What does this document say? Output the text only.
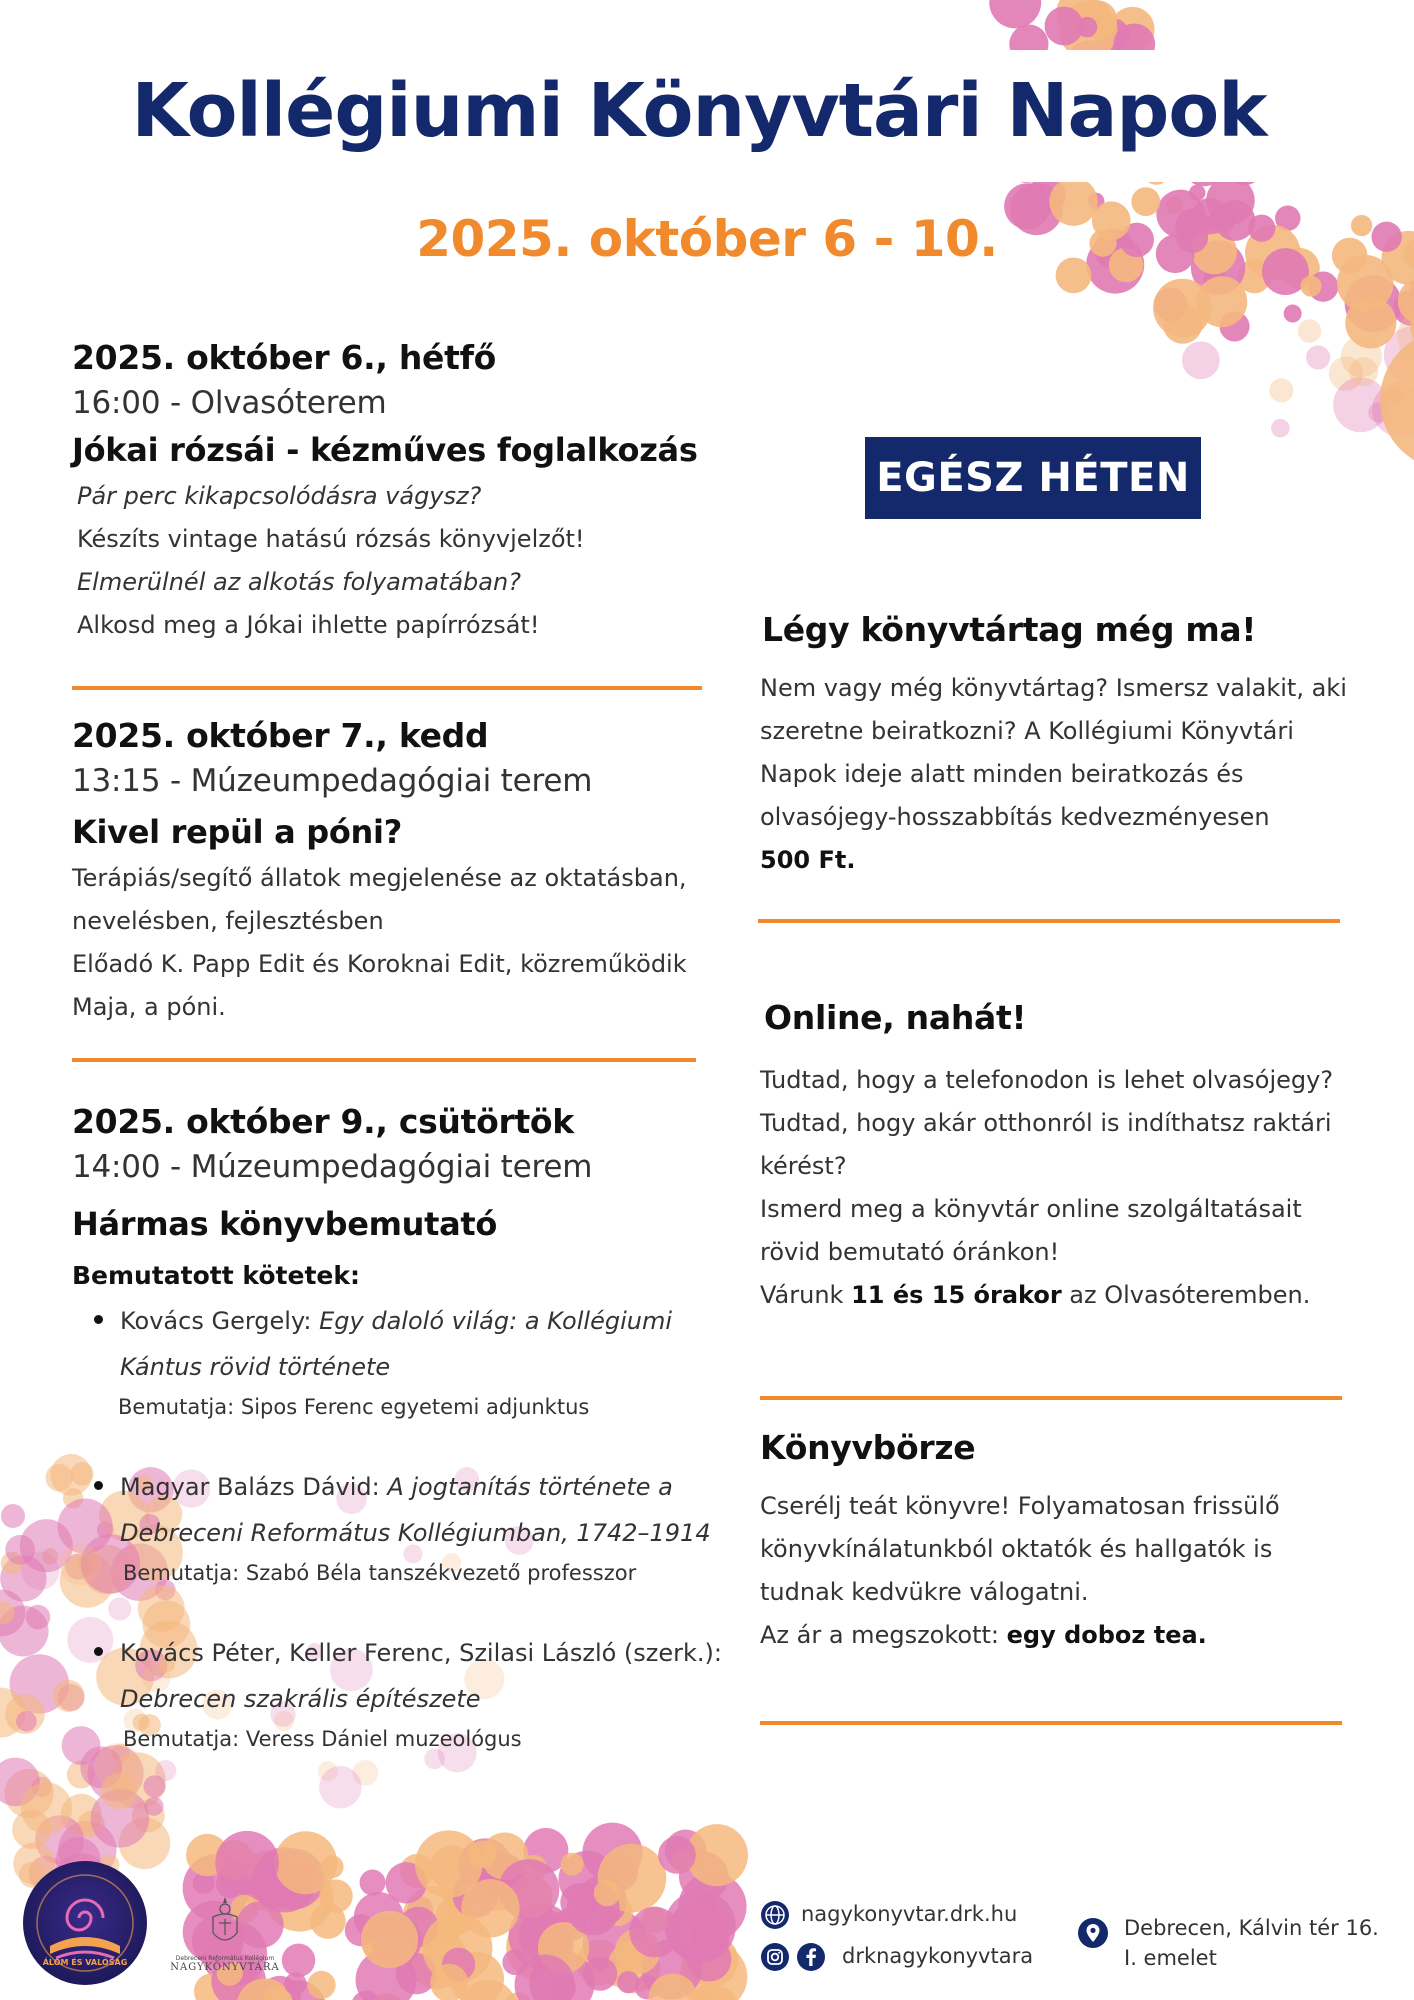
Kollégiumi Könyvtári Napok
2025. október 6 - 10.
2025. október 6., hétfő
16:00 - Olvasóterem
Jókai rózsái - kézműves foglalkozás
Pár perc kikapcsolódásra vágysz?
Készíts vintage hatású rózsás könyvjelzőt!
Elmerülnél az alkotás folyamatában?
Alkosd meg a Jókai ihlette papírrózsát!
2025. október 7., kedd
13:15 - Múzeumpedagógiai terem
Kivel repül a póni?
Terápiás/segítő állatok megjelenése az oktatásban,
nevelésben, fejlesztésben
Előadó K. Papp Edit és Koroknai Edit, közreműködik
Maja, a póni.
2025. október 9., csütörtök
14:00 - Múzeumpedagógiai terem
Hármas könyvbemutató
Bemutatott kötetek:
Kovács Gergely: Egy daloló világ: a Kollégiumi
Kántus rövid története
Bemutatja: Sipos Ferenc egyetemi adjunktus
Magyar Balázs Dávid: A jogtanítás története a
Debreceni Református Kollégiumban, 1742–1914
Bemutatja: Szabó Béla tanszékvezető professzor
Kovács Péter, Keller Ferenc, Szilasi László (szerk.):
Debrecen szakrális építészete
Bemutatja: Veress Dániel muzeológus
EGÉSZ HÉTEN
Légy könyvtártag még ma!
Nem vagy még könyvtártag? Ismersz valakit, aki szeretne beiratkozni? A Kollégiumi Könyvtári Napok ideje alatt minden beiratkozás és olvasójegy-hosszabbítás kedvezményesen
500 Ft.
Online, nahát!
Tudtad, hogy a telefonodon is lehet olvasójegy?
Tudtad, hogy akár otthonról is indíthatsz raktári kérést?
Ismerd meg a könyvtár online szolgáltatásait rövid bemutató óránkon!
Várunk 11 és 15 órakor az Olvasóteremben.
Könyvbörze
Cserélj teát könyvre! Folyamatosan frissülő könyvkínálatunkból oktatók és hallgatók is tudnak kedvükre válogatni.
Az ár a megszokott: egy doboz tea.
ÁLOM ÉS VALÓSÁG	Debreceni Református Kollégium
NAGYKÖNYVTÁRA
nagykonyvtar.drk.hu
drknagykonyvtara
Debrecen, Kálvin tér 16.
I. emelet
